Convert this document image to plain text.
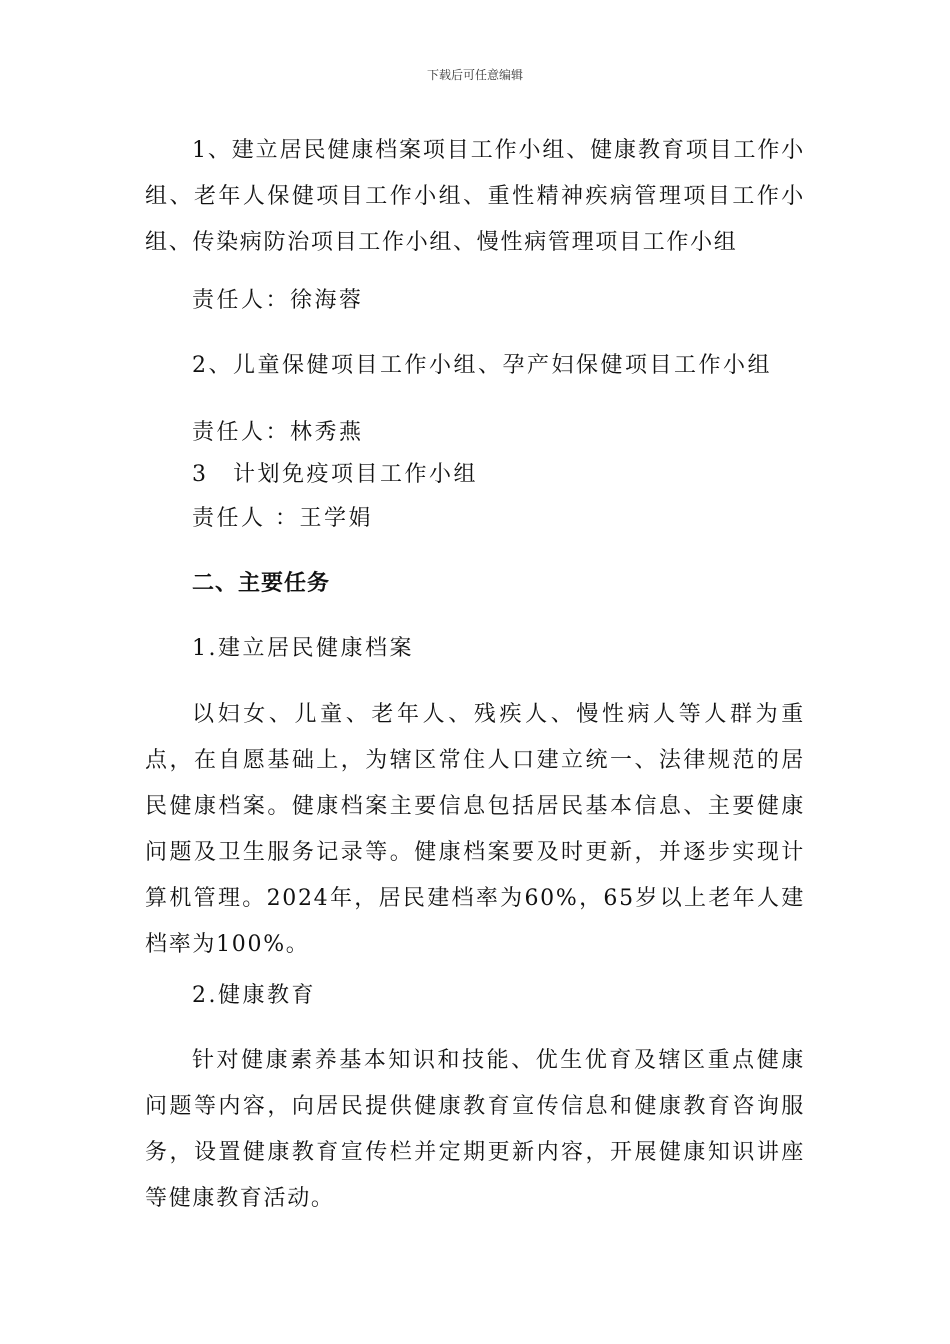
下载后可任意编辑
1、建立居民健康档案项目工作小组、健康教育项目工作小组、老年人保健项目工作小组、重性精神疾病管理项目工作小组、传染病防治项目工作小组、慢性病管理项目工作小组
责任人：徐海蓉
2、儿童保健项目工作小组、孕产妇保健项目工作小组
责任人：林秀燕
3　计划免疫项目工作小组
责任人 ：王学娟
二、主要任务
1.建立居民健康档案
以妇女、儿童、老年人、残疾人、慢性病人等人群为重点，在自愿基础上，为辖区常住人口建立统一、法律规范的居民健康档案。健康档案主要信息包括居民基本信息、主要健康问题及卫生服务记录等。健康档案要及时更新，并逐步实现计算机管理。2024年，居民建档率为60%，65岁以上老年人建档率为100%。
2.健康教育
针对健康素养基本知识和技能、优生优育及辖区重点健康问题等内容，向居民提供健康教育宣传信息和健康教育咨询服务，设置健康教育宣传栏并定期更新内容，开展健康知识讲座等健康教育活动。
